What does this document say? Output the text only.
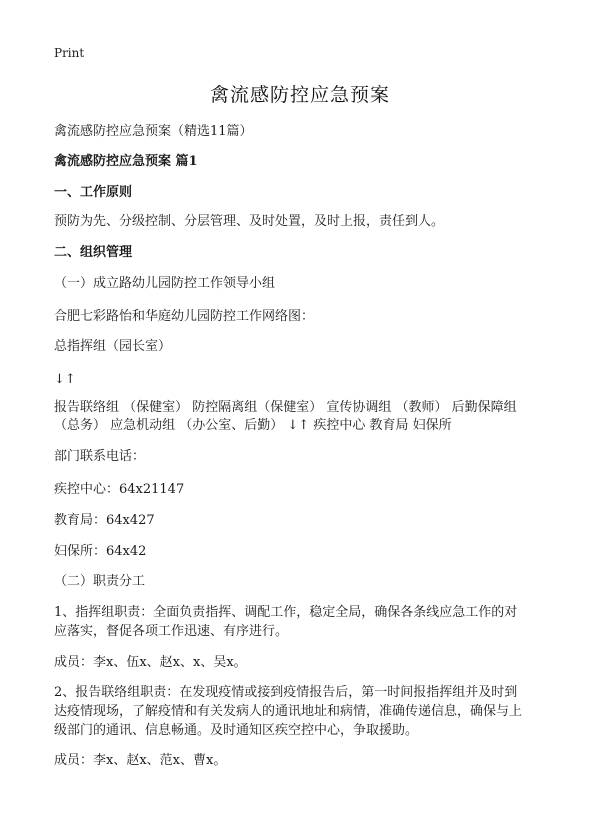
Print
禽流感防控应急预案
禽流感防控应急预案（精选11篇）
禽流感防控应急预案 篇1
一、工作原则
预防为先、分级控制、分层管理、及时处置，及时上报，责任到人。
二、组织管理
（一）成立路幼儿园防控工作领导小组
合肥七彩路怡和华庭幼儿园防控工作网络图：
总指挥组（园长室）
↓↑
报告联络组 （保健室） 防控隔离组（保健室） 宣传协调组 （教师） 后勤保障组
（总务） 应急机动组 （办公室、后勤） ↓↑ 疾控中心 教育局 妇保所
部门联系电话：
疾控中心：64x21147
教育局：64x427
妇保所：64x42
（二）职责分工
1、指挥组职责：全面负责指挥、调配工作，稳定全局，确保各条线应急工作的对
应落实，督促各项工作迅速、有序进行。
成员：李x、伍x、赵x、x、吴x。
2、报告联络组职责：在发现疫情或接到疫情报告后，第一时间报指挥组并及时到
达疫情现场，了解疫情和有关发病人的通讯地址和病情，准确传递信息，确保与上
级部门的通讯、信息畅通。及时通知区疾空控中心，争取援助。
成员：李x、赵x、范x、曹x。
